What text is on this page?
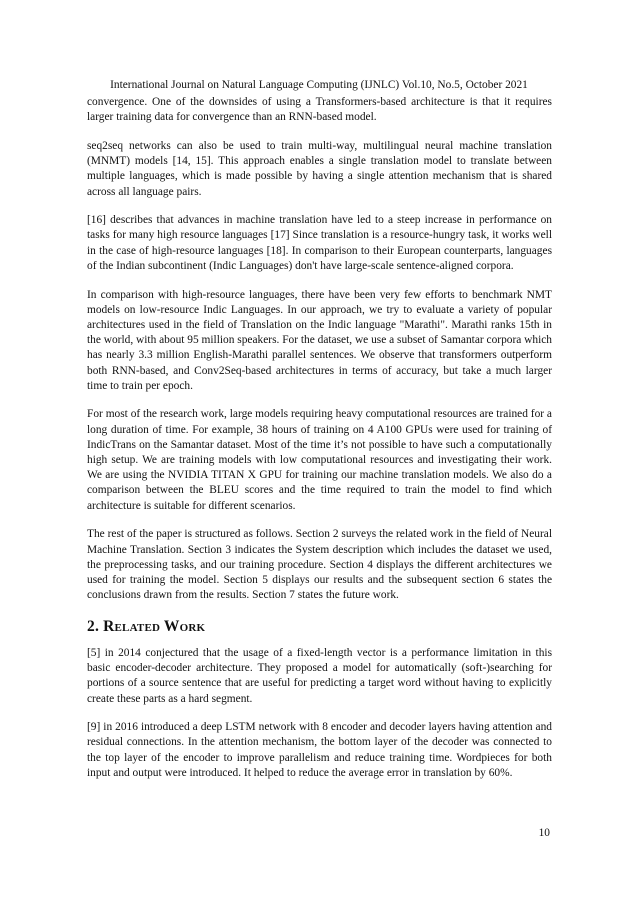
International Journal on Natural Language Computing (IJNLC) Vol.10, No.5, October 2021

convergence. One of the downsides of using a Transformers-based architecture is that it requires larger training data for convergence than an RNN-based model.

seq2seq networks can also be used to train multi-way, multilingual neural machine translation (MNMT) models [14, 15]. This approach enables a single translation model to translate between multiple languages, which is made possible by having a single attention mechanism that is shared across all language pairs.

[16] describes that advances in machine translation have led to a steep increase in performance on tasks for many high resource languages [17] Since translation is a resource-hungry task, it works well in the case of high-resource languages [18]. In comparison to their European counterparts, languages of the Indian subcontinent (Indic Languages) don't have large-scale sentence-aligned corpora.

In comparison with high-resource languages, there have been very few efforts to benchmark NMT models on low-resource Indic Languages. In our approach, we try to evaluate a variety of popular architectures used in the field of Translation on the Indic language "Marathi". Marathi ranks 15th in the world, with about 95 million speakers. For the dataset, we use a subset of Samantar corpora which has nearly 3.3 million English-Marathi parallel sentences. We observe that transformers outperform both RNN-based, and Conv2Seq-based architectures in terms of accuracy, but take a much larger time to train per epoch.

For most of the research work, large models requiring heavy computational resources are trained for a long duration of time. For example, 38 hours of training on 4 A100 GPUs were used for training of IndicTrans on the Samantar dataset. Most of the time it’s not possible to have such a computationally high setup. We are training models with low computational resources and investigating their work. We are using the NVIDIA TITAN X GPU for training our machine translation models. We also do a comparison between the BLEU scores and the time required to train the model to find which architecture is suitable for different scenarios.

The rest of the paper is structured as follows. Section 2 surveys the related work in the field of Neural Machine Translation. Section 3 indicates the System description which includes the dataset we used, the preprocessing tasks, and our training procedure. Section 4 displays the different architectures we used for training the model. Section 5 displays our results and the subsequent section 6 states the conclusions drawn from the results. Section 7 states the future work.

2. Related Work

[5] in 2014 conjectured that the usage of a fixed-length vector is a performance limitation in this basic encoder-decoder architecture. They proposed a model for automatically (soft-)searching for portions of a source sentence that are useful for predicting a target word without having to explicitly create these parts as a hard segment.

[9] in 2016 introduced a deep LSTM network with 8 encoder and decoder layers having attention and residual connections. In the attention mechanism, the bottom layer of the decoder was connected to the top layer of the encoder to improve parallelism and reduce training time. Wordpieces for both input and output were introduced. It helped to reduce the average error in translation by 60%.

10
